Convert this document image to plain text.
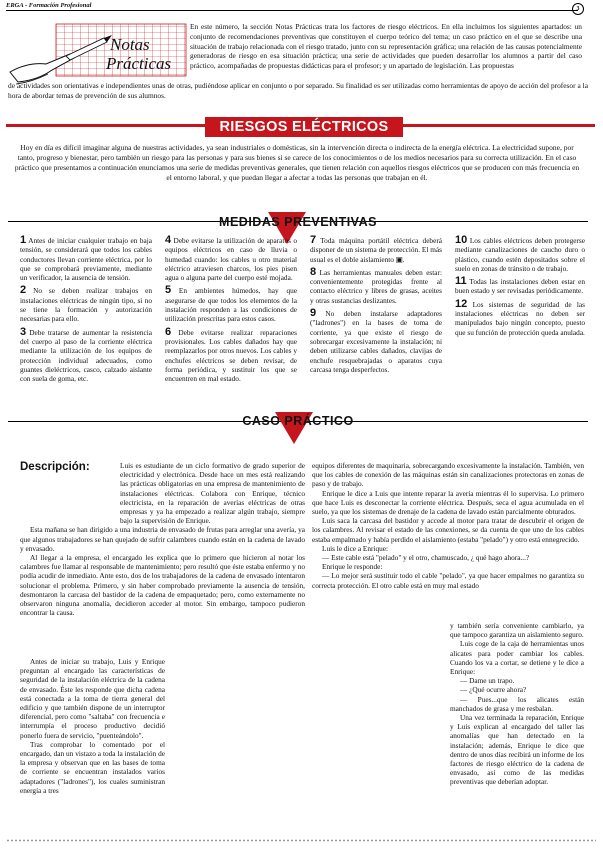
ERGA - Formación Profesional	3
Notas
Prácticas
En este número, la sección Notas Prácticas trata los factores de riesgo eléctricos. En ella incluimos los siguientes apartados: un conjunto de recomendaciones preventivas que constituyen el cuerpo teórico del tema; un caso práctico en el que se describe una situación de trabajo relacionada con el riesgo tratado, junto con su representación gráfica; una relación de las causas potencialmente generadoras de riesgo en esa situación práctica; una serie de actividades que pueden desarrollar los alumnos a partir del caso práctico, acompañadas de propuestas didácticas para el profesor; y un apartado de legislación. Las propuestas
de actividades son orientativas e independientes unas de otras, pudiéndose aplicar en conjunto o por separado. Su finalidad es ser utilizadas como herramientas de apoyo de acción del profesor a la hora de abordar temas de prevención de sus alumnos.
RIESGOS ELÉCTRICOS
Hoy en día es difícil imaginar alguna de nuestras actividades, ya sean industriales o domésticas, sin la intervención directa o indirecta de la energía eléctrica. La electricidad supone, por tanto, progreso y bienestar, pero también un riesgo para las personas y para sus bienes si se carece de los conocimientos o de los medios necesarios para su correcta utilización. En el caso práctico que presentamos a continuación enunciamos una serie de medidas preventivas generales, que tienen relación con aquellos riesgos eléctricos que se producen con más frecuencia en el entorno laboral, y que puedan llegar a afectar a todas las personas que trabajan en él.
MEDIDAS PREVENTIVAS

1 Antes de iniciar cualquier trabajo en baja tensión, se considerará que todos los cables conductores llevan corriente eléctrica, por lo que se comprobará previamente, mediante un verificador, la ausencia de tensión.

2 No se deben realizar trabajos en instalaciones eléctricas de ningún tipo, si no se tiene la formación y autorización necesarias para ello.

3 Debe tratarse de aumentar la resistencia del cuerpo al paso de la corriente eléctrica mediante la utilización de los equipos de protección individual adecuados, como guantes dieléctricos, casco, calzado aislante con suela de goma, etc.

4 Debe evitarse la utilización de aparatos o equipos eléctricos en caso de lluvia o humedad cuando: los cables u otro material eléctrico atraviesen charcos, los pies pisen agua o alguna parte del cuerpo esté mojada.

5 En ambientes húmedos, hay que asegurarse de que todos los elementos de la instalación responden a las condiciones de utilización prescritas para estos casos.

6 Debe evitarse realizar reparaciones provisionales. Los cables dañados hay que reemplazarlos por otros nuevos. Los cables y enchufes eléctricos se deben revisar, de forma periódica, y sustituir los que se encuentren en mal estado.

7 Toda máquina portátil eléctrica deberá disponer de un sistema de protección. El más usual es el doble aislamiento ▣.

8 Las herramientas manuales deben estar: convenientemente protegidas frente al contacto eléctrico y libres de grasas, aceites y otras sustancias deslizantes.

9 No deben instalarse adaptadores ("ladrones") en la bases de toma de corriente, ya que existe el riesgo de sobrecargar excesivamente la instalación; ni deben utilizarse cables dañados, clavijas de enchufe resquebrajadas o aparatos cuya carcasa tenga desperfectos.

10 Los cables eléctricos deben protegerse mediante canalizaciones de caucho duro o plástico, cuando estén depositados sobre el suelo en zonas de tránsito o de trabajo.

11 Todas las instalaciones deben estar en buen estado y ser revisadas periódicamente.

12 Los sistemas de seguridad de las instalaciones eléctricas no deben ser manipulados bajo ningún concepto, puesto que su función de protección queda anulada.

CASO PRÁCTICO
Descripción:	Luis es estudiante de un ciclo formativo de grado superior de electricidad y electrónica. Desde hace un mes está realizando las prácticas obligatorias en una empresa de mantenimiento de instalaciones eléctricas. Colabora con Enrique, técnico electricista, en la reparación de averías eléctricas de otras empresas y ya ha empezado a realizar algún trabajo, siempre bajo la supervisión de Enrique.

Esta mañana se han dirigido a una industria de envasado de frutas para arreglar una avería, ya que algunos trabajadores se han quejado de sufrir calambres cuando están en la cadena de lavado y envasado.

Al llegar a la empresa, el encargado les explica que lo primero que hicieron al notar los calambres fue llamar al responsable de mantenimiento; pero resultó que éste estaba enfermo y no podía acudir de inmediato. Ante esto, dos de los trabajadores de la cadena de envasado intentaron solucionar el problema. Primero, y sin haber comprobado previamente la ausencia de tensión, desmontaron la carcasa del bastidor de la cadena de empaquetado; pero, como externamente no observaron ninguna anomalía, decidieron acceder al motor. Sin embargo, tampoco pudieron encontrar la causa.

Antes de iniciar su trabajo, Luis y Enrique preguntan al encargado las características de seguridad de la instalación eléctrica de la cadena de envasado. Éste les responde que dicha cadena está conectada a la toma de tierra general del edificio y que también dispone de un interruptor diferencial, pero como "saltaba" con frecuencia e interrumpía el proceso productivo decidió ponerlo fuera de servicio, "puenteándolo".

Tras comprobar lo comentado por el encargado, dan un vistazo a toda la instalación de la empresa y observan que en las bases de toma de corriente se encuentran instalados varios adaptadores ("ladrones"), los cuales suministran energía a tres

equipos diferentes de maquinaria, sobrecargando excesivamente la instalación. También, ven que los cables de conexión de las máquinas están sin canalizaciones protectoras en zonas de paso y de trabajo.

Enrique le dice a Luis que intente reparar la avería mientras él lo supervisa. Lo primero que hace Luis es desconectar la corriente eléctrica. Después, seca el agua acumulada en el suelo, ya que los sistemas de drenaje de la cadena de lavado están parcialmente obturados.

Luis saca la carcasa del bastidor y accede al motor para tratar de descubrir el origen de los calambres. Al revisar el estado de las conexiones, se da cuenta de que uno de los cables estaba empalmado y había perdido el aislamiento (estaba "pelado") y otro está ennegrecido.

Luis le dice a Enrique:

— Este cable está "pelado" y el otro, chamuscado, ¿ qué hago ahora...?

Enrique le responde:

— Lo mejor será sustituir todo el cable "pelado", ya que hacer empalmes no garantiza su correcta protección. El otro cable está en muy mal estado

y también sería conveniente cambiarlo, ya que tampoco garantiza un aislamiento seguro.

Luis coge de la caja de herramientas unos alicates para poder cambiar los cables. Cuando los va a cortar, se detiene y le dice a Enrique:

— Dame un trapo.

— ¿Qué ocurre ahora?

— Pues...que los alicates están manchados de grasa y me resbalan.

Una vez terminada la reparación, Enrique y Luis explican al encargado del taller las anomalías que han detectado en la instalación; además, Enrique le dice que dentro de unos días recibirá un informe de los factores de riesgo eléctrico de la cadena de envasado, así como de las medidas preventivas que deberían adoptar.
